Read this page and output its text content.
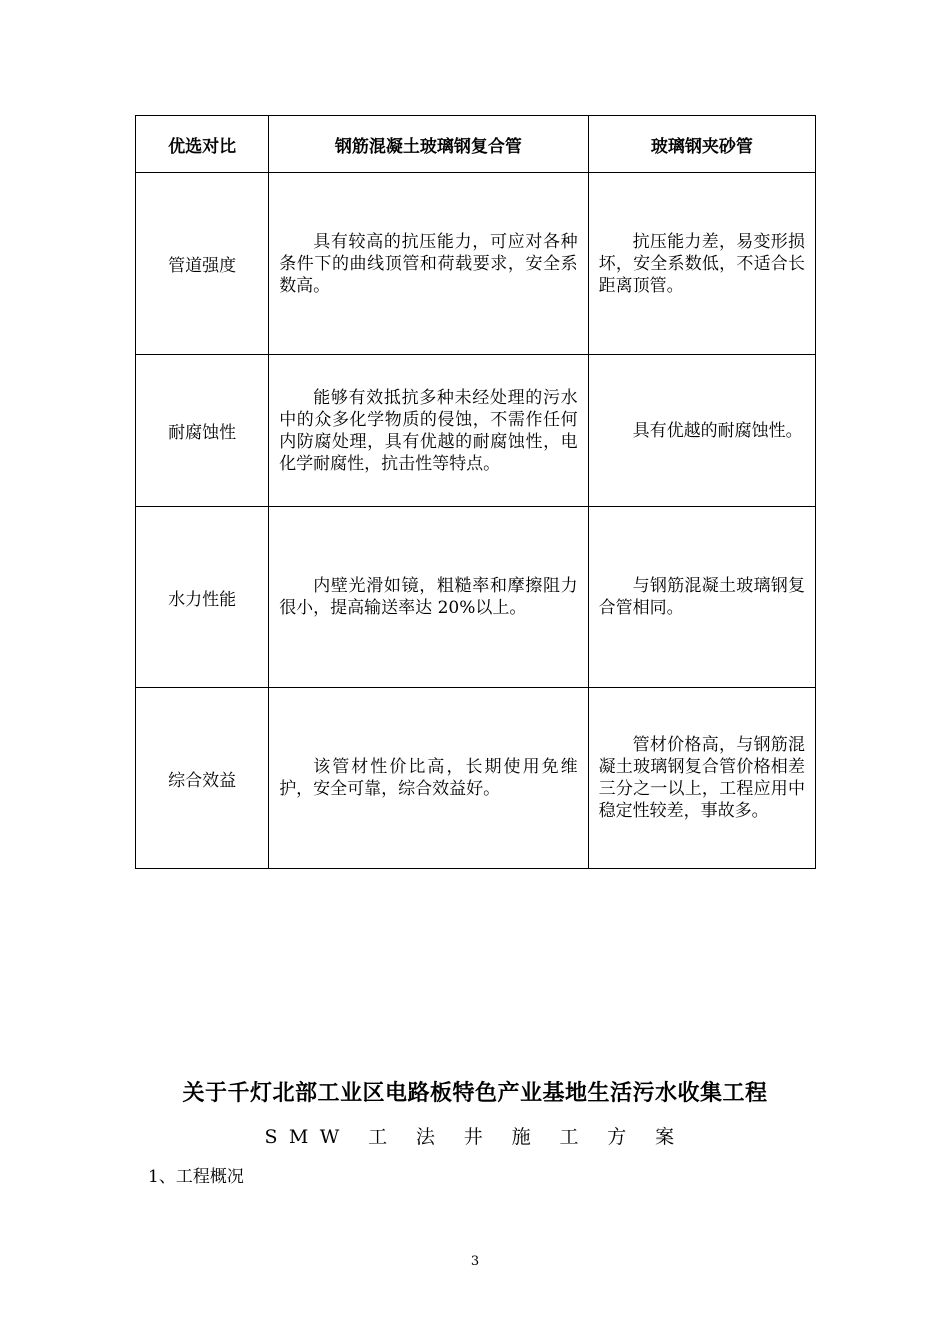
优选对比	钢筋混凝土玻璃钢复合管	玻璃钢夹砂管
管道强度	具有较高的抗压能力，可应对各种条件下的曲线顶管和荷载要求，安全系数高。	抗压能力差，易变形损坏，安全系数低，不适合长距离顶管。

耐腐蚀性	能够有效抵抗多种未经处理的污水中的众多化学物质的侵蚀，不需作任何内防腐处理，具有优越的耐腐蚀性，电化学耐腐性，抗击性等特点。	具有优越的耐腐蚀性。

水力性能	内壁光滑如镜，粗糙率和摩擦阻力很小，提高输送率达 20%以上。	与钢筋混凝土玻璃钢复合管相同。

综合效益	该管材性价比高，长期使用免维护，安全可靠，综合效益好。	管材价格高，与钢筋混凝土玻璃钢复合管价格相差三分之一以上，工程应用中稳定性较差，事故多。
关于千灯北部工业区电路板特色产业基地生活污水收集工程
SMW 工 法 井 施 工 方 案
1、工程概况
3
